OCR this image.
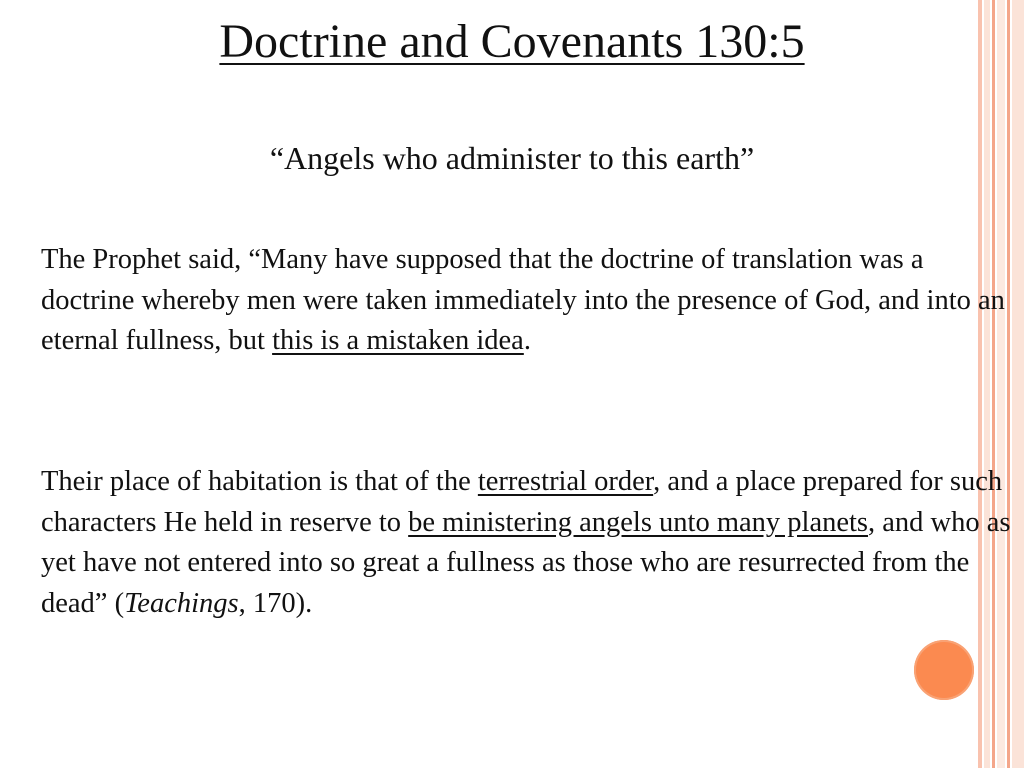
Doctrine and Covenants 130:5

“Angels who administer to this earth”

The Prophet said, “Many have supposed that the doctrine of translation was a doctrine whereby men were taken immediately into the presence of God, and into an eternal fullness, but this is a mistaken idea.

Their place of habitation is that of the terrestrial order, and a place prepared for such characters He held in reserve to be ministering angels unto many planets, and who as yet have not entered into so great a fullness as those who are resurrected from the dead” (Teachings, 170).
